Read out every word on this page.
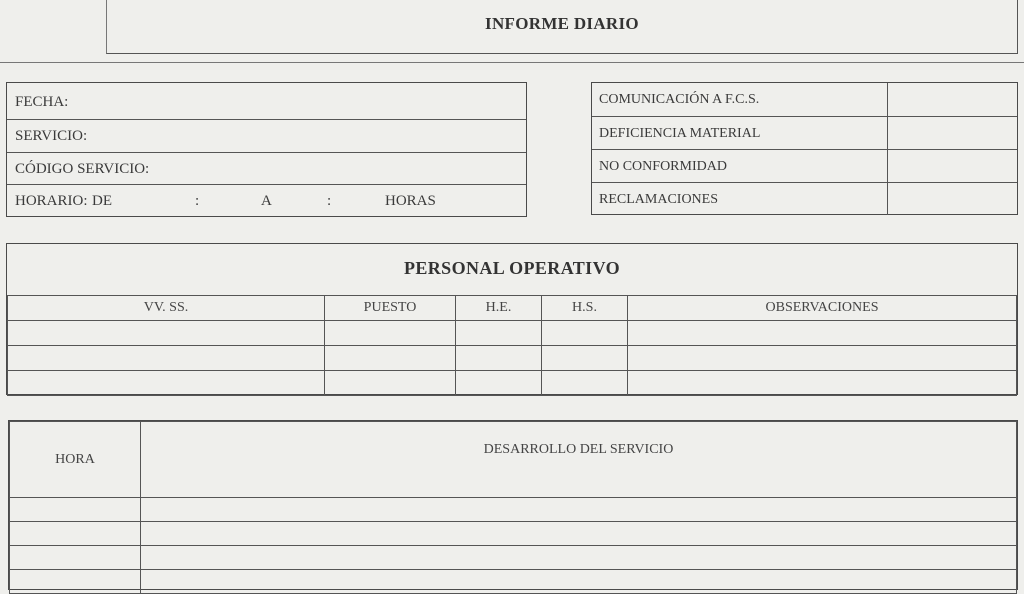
INFORME DIARIO
FECHA:
SERVICIO:
CÓDIGO SERVICIO:
HORARIO: DE	:	A	:	HORAS
COMUNICACIÓN A F.C.S.
DEFICIENCIA MATERIAL
NO CONFORMIDAD
RECLAMACIONES
PERSONAL OPERATIVO
VV. SS.	PUESTO	H.E.	H.S.	OBSERVACIONES

HORA	DESARROLLO DEL SERVICIO
